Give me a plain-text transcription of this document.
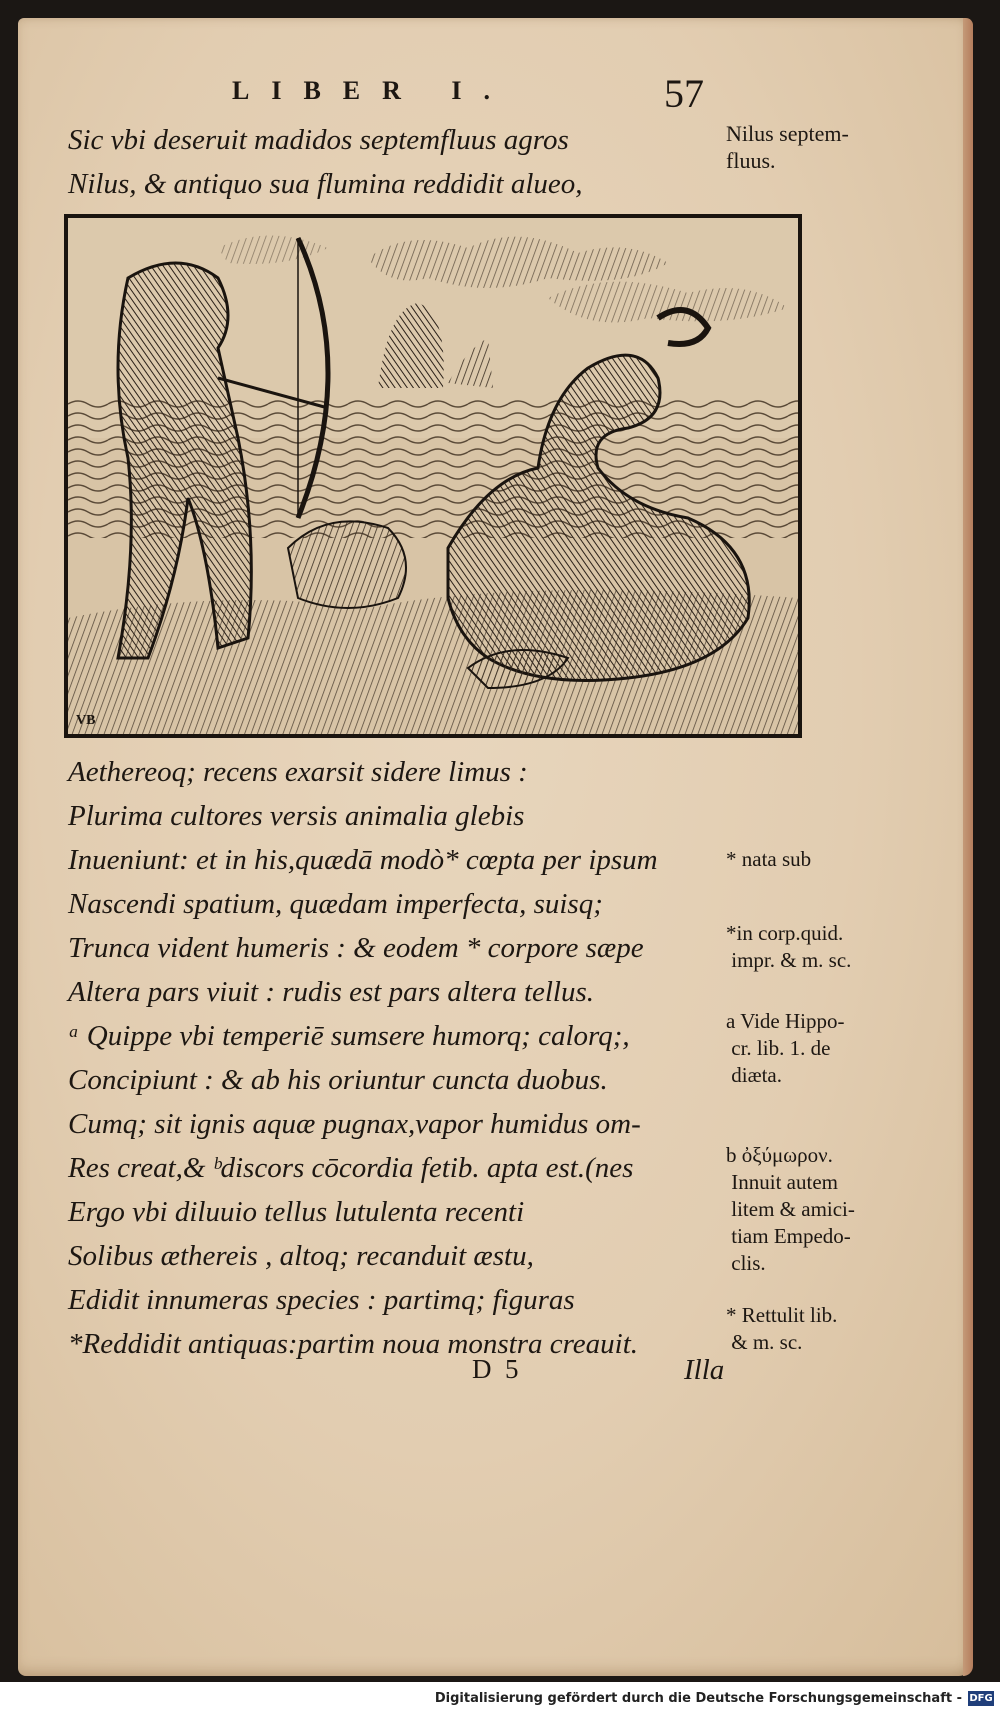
LIBER I.	57
Sic vbi deseruit madidos septemfluus agros
Nilus, & antiquo sua flumina reddidit alueo,
Nilus septem-
fluus.
VB
Aethereoq; recens exarsit sidere limus :
Plurima cultores versis animalia glebis
Inueniunt: et in his,quædā modò* cœpta per ipsum
Nascendi spatium, quædam imperfecta, suisq;
Trunca vident humeris : & eodem * corpore sæpe
Altera pars viuit : rudis est pars altera tellus.
ᵃ Quippe vbi temperiē sumsere humorq; calorq;,
Concipiunt : & ab his oriuntur cuncta duobus.
Cumq; sit ignis aquæ pugnax,vapor humidus om-
Res creat,& ᵇdiscors cōcordia fetib. apta est.(nes
Ergo vbi diluuio tellus lutulenta recenti
Solibus æthereis , altoq; recanduit æstu,
Edidit innumeras species : partimq; figuras
*Reddidit antiquas:partim noua monstra creauit.
* nata sub
*in corp.quid.
impr. & m. sc.
a Vide Hippo-
cr. lib. 1. de
diæta.
b ὀξύμωρον.
Innuit autem
litem & amici-
tiam Empedo-
clis.
* Rettulit lib.
& m. sc.
D  5	Illa
Digitalisierung gefördert durch die Deutsche Forschungsgemeinschaft - DFG
